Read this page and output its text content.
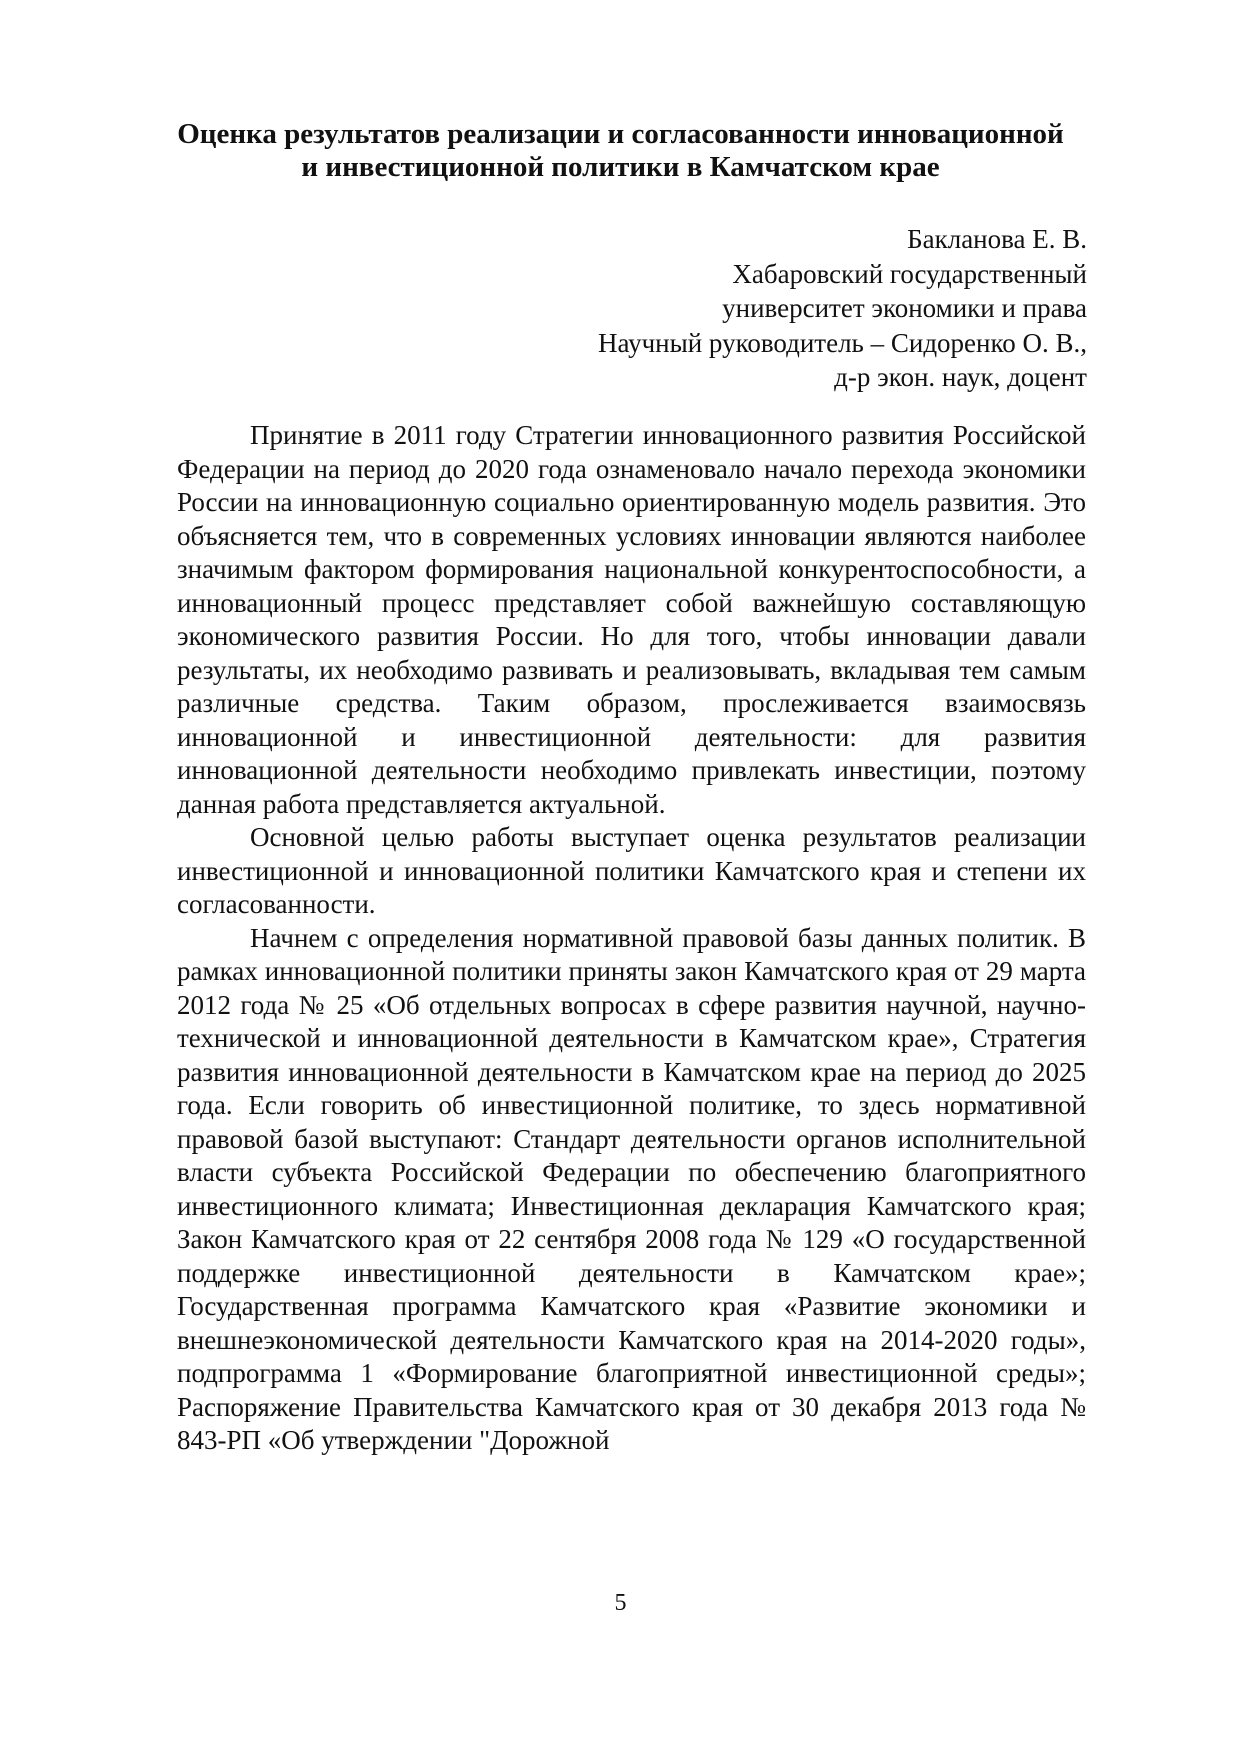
Оценка результатов реализации и согласованности инновационной
и инвестиционной политики в Камчатском крае
Бакланова Е. В.
Хабаровский государственный
университет экономики и права
Научный руководитель – Сидоренко О. В.,
д-р экон. наук, доцент

Принятие в 2011 году Стратегии инновационного развития Российской Федерации на период до 2020 года ознаменовало начало перехода экономики России на инновационную социально ориентированную модель развития. Это объясняется тем, что в современных условиях инновации являются наиболее значимым фактором формирования национальной конкурентоспособности, а инновационный процесс представляет собой важнейшую составляющую экономического развития России. Но для того, чтобы инновации давали результаты, их необходимо развивать и реализовывать, вкладывая тем самым различные средства. Таким образом, прослеживается взаимосвязь инновационной и инвестиционной деятельности: для развития инновационной деятельности необходимо привлекать инвестиции, поэтому данная работа представляется актуальной.

Основной целью работы выступает оценка результатов реализации инвестиционной и инновационной политики Камчатского края и степени их согласованности.

Начнем с определения нормативной правовой базы данных политик. В рамках инновационной политики приняты закон Камчатского края от 29 марта 2012 года № 25 «Об отдельных вопросах в сфере развития научной, научно-технической и инновационной деятельности в Камчатском крае», Стратегия развития инновационной деятельности в Камчатском крае на период до 2025 года. Если говорить об инвестиционной политике, то здесь нормативной правовой базой выступают: Стандарт деятельности органов исполнительной власти субъекта Российской Федерации по обеспечению благоприятного инвестиционного климата; Инвестиционная декларация Камчатского края; Закон Камчатского края от 22 сентября 2008 года № 129 «О государственной поддержке инвестиционной деятельности в Камчатском крае»; Государственная программа Камчатского края «Развитие экономики и внешнеэкономической деятельности Камчатского края на 2014-2020 годы», подпрограмма 1 «Формирование благоприятной инвестиционной среды»; Распоряжение Правительства Камчатского края от 30 декабря 2013 года № 843-РП «Об утверждении "Дорожной

5
